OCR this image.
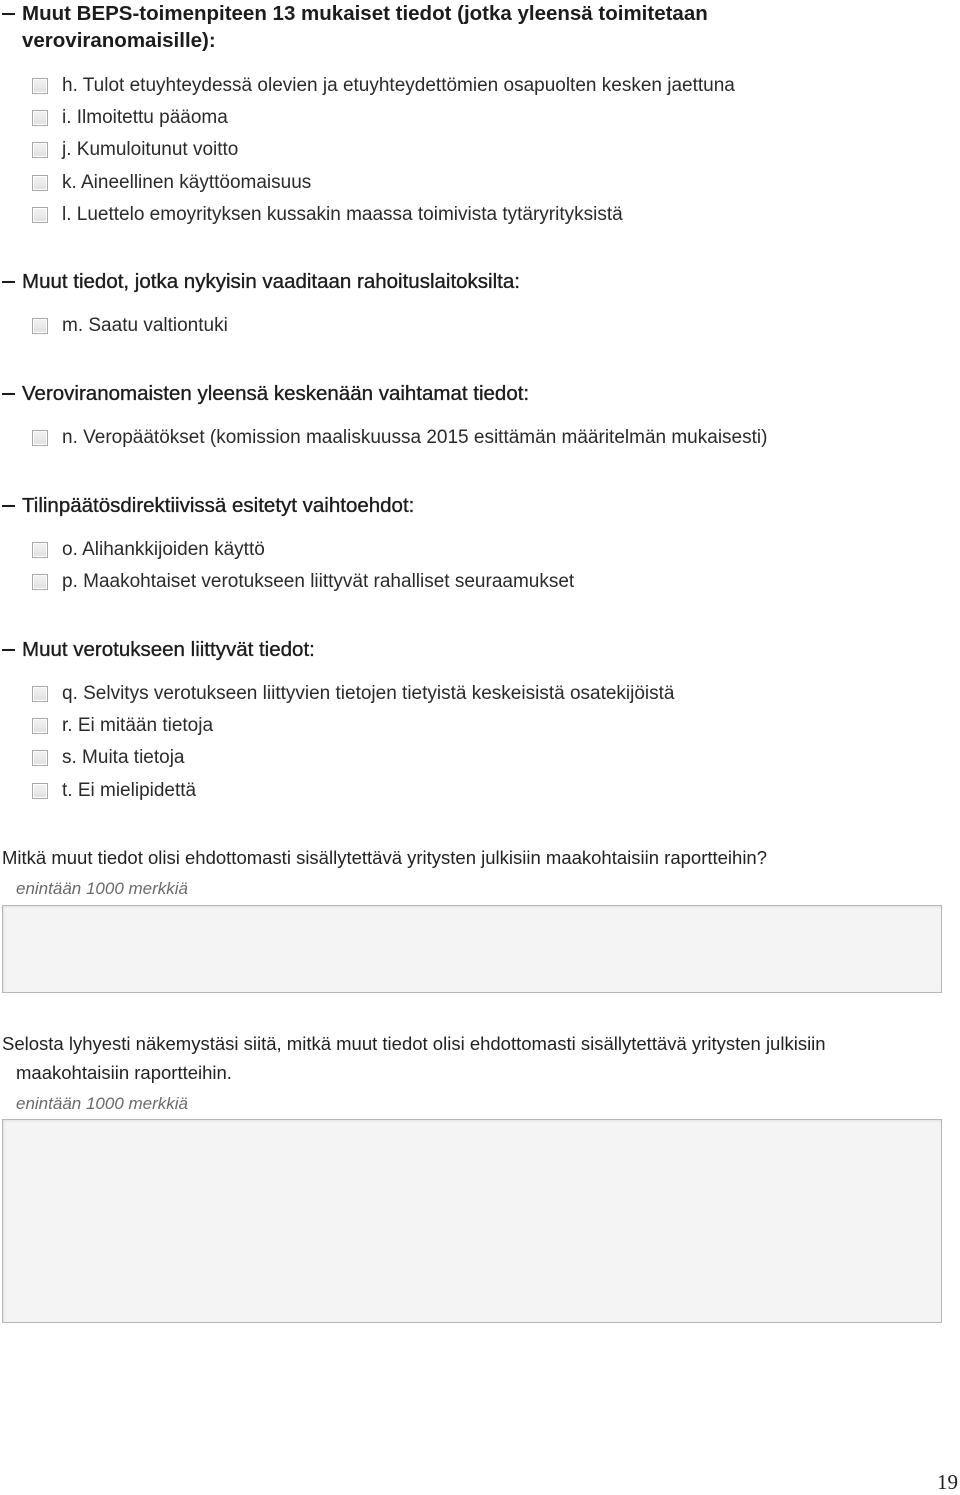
Muut BEPS-toimenpiteen 13 mukaiset tiedot (jotka yleensä toimitetaan
veroviranomaisille):
h. Tulot etuyhteydessä olevien ja etuyhteydettömien osapuolten kesken jaettuna
i. Ilmoitettu pääoma
j. Kumuloitunut voitto
k. Aineellinen käyttöomaisuus
l. Luettelo emoyrityksen kussakin maassa toimivista tytäryrityksistä
Muut tiedot, jotka nykyisin vaaditaan rahoituslaitoksilta:
m. Saatu valtiontuki
Veroviranomaisten yleensä keskenään vaihtamat tiedot:
n. Veropäätökset (komission maaliskuussa 2015 esittämän määritelmän mukaisesti)
Tilinpäätösdirektiivissä esitetyt vaihtoehdot:
o. Alihankkijoiden käyttö
p. Maakohtaiset verotukseen liittyvät rahalliset seuraamukset
Muut verotukseen liittyvät tiedot:
q. Selvitys verotukseen liittyvien tietojen tietyistä keskeisistä osatekijöistä
r. Ei mitään tietoja
s. Muita tietoja
t. Ei mielipidettä

Mitkä muut tiedot olisi ehdottomasti sisällytettävä yritysten julkisiin maakohtaisiin raportteihin?

enintään 1000 merkkiä

Selosta lyhyesti näkemystäsi siitä, mitkä muut tiedot olisi ehdottomasti sisällytettävä yritysten julkisiin
maakohtaisiin raportteihin.

enintään 1000 merkkiä
19
